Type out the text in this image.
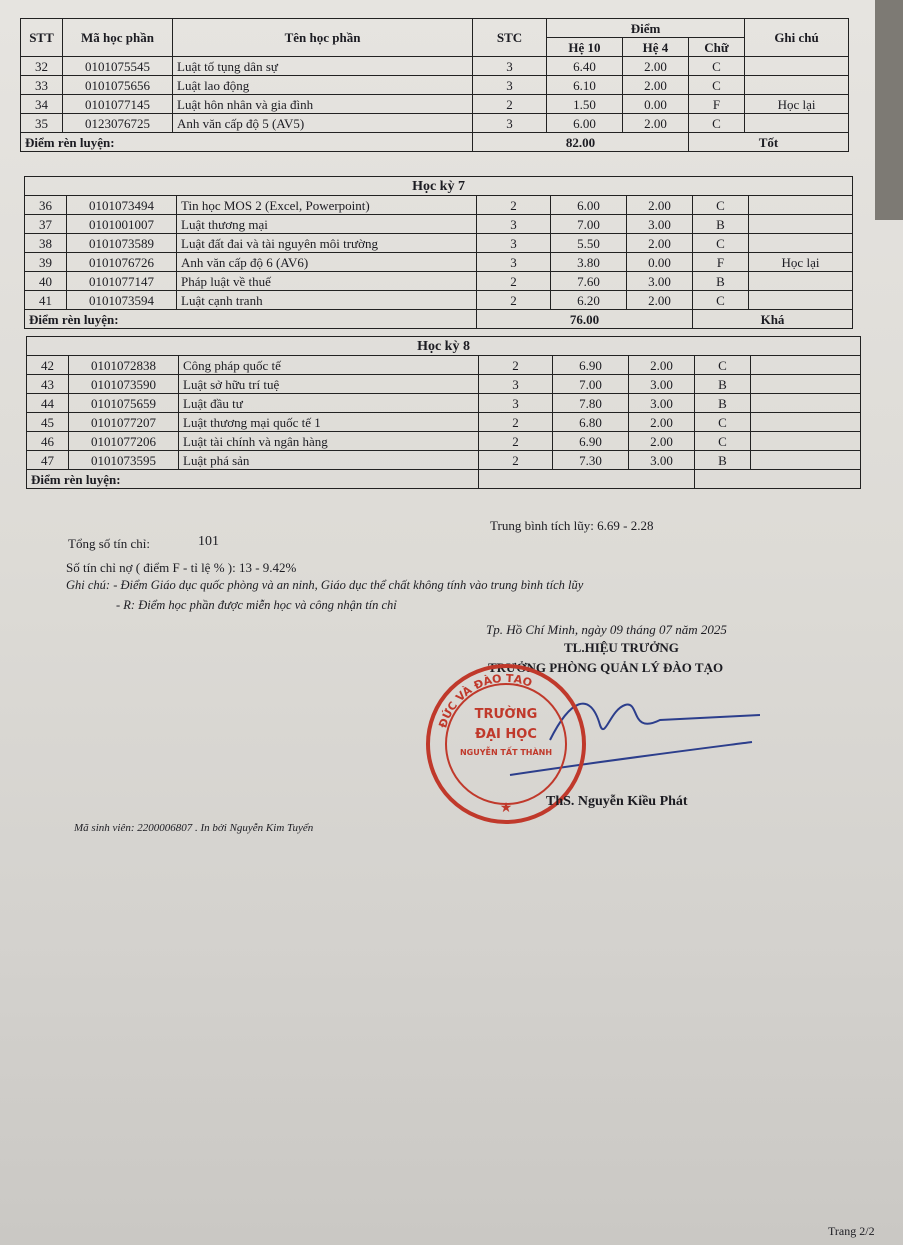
STT	Mã học phần	Tên học phần	STC	Điểm			Ghi chú
				Hệ 10	Hệ 4	Chữ	
32	0101075545	Luật tố tụng dân sự	3	6.40	2.00	C	
33	0101075656	Luật lao động	3	6.10	2.00	C	
34	0101077145	Luật hôn nhân và gia đình	2	1.50	0.00	F	Học lại
35	0123076725	Anh văn cấp độ 5 (AV5)	3	6.00	2.00	C	
Điểm rèn luyện:			82.00			Tốt	
Học kỳ 7							
36	0101073494	Tin học MOS 2 (Excel, Powerpoint)	2	6.00	2.00	C	
37	0101001007	Luật thương mại	3	7.00	3.00	B	
38	0101073589	Luật đất đai và tài nguyên môi trường	3	5.50	2.00	C	
39	0101076726	Anh văn cấp độ 6 (AV6)	3	3.80	0.00	F	Học lại
40	0101077147	Pháp luật về thuế	2	7.60	3.00	B	
41	0101073594	Luật cạnh tranh	2	6.20	2.00	C	
Điểm rèn luyện:			76.00			Khá	
Học kỳ 8							
42	0101072838	Công pháp quốc tế	2	6.90	2.00	C	
43	0101073590	Luật sở hữu trí tuệ	3	7.00	3.00	B	
44	0101075659	Luật đầu tư	3	7.80	3.00	B	
45	0101077207	Luật thương mại quốc tế 1	2	6.80	2.00	C	
46	0101077206	Luật tài chính và ngân hàng	2	6.90	2.00	C	
47	0101073595	Luật phá sản	2	7.30	3.00	B	
Điểm rèn luyện:							
Tổng số tín chỉ:	101
Trung bình tích lũy: 6.69 - 2.28
Số tín chỉ nợ ( điểm F - tỉ lệ % ): 13 - 9.42%
Ghi chú: - Điểm Giáo dục quốc phòng và an ninh, Giáo dục thể chất không tính vào trung bình tích lũy
- R: Điểm học phần được miễn học và công nhận tín chỉ
Tp. Hồ Chí Minh, ngày 09 tháng 07 năm 2025
TL.HIỆU TRƯỞNG
TRƯỞNG PHÒNG QUẢN LÝ ĐÀO TẠO
ĐỨC VÀ ĐÀO TẠO
TRƯỜNG
ĐẠI HỌC
NGUYỄN TẤT THÀNH
★ ThS. Nguyễn Kiều Phát
Mã sinh viên: 2200006807 . In bởi Nguyễn Kim Tuyển
Trang 2/2
